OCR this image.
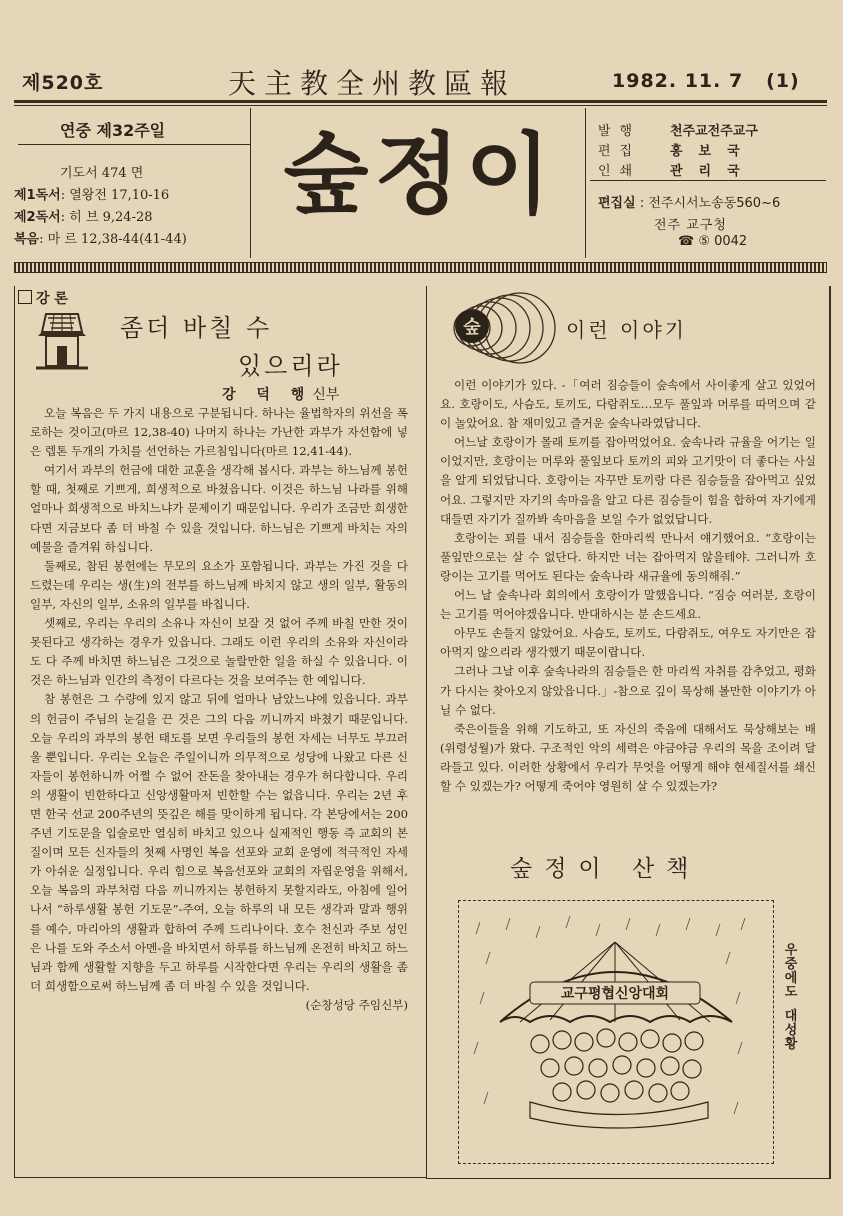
제520호	天主教全州教區報	1982. 11. 7 (1)
연중 제32주일
기도서 474 면
제1독서: 열왕전 17,10-16
제2독서: 히 브 9,24-28
복음: 마 르 12,38-44(41-44)
숲정이	발행 천주교전주교구
편집 홍보국
인쇄 관리국
편집실 : 전주시서노송동560~6
전주 교구청
☎ ⑤ 0042
강 론
좀더 바칠 수
있으리라
강 덕 행신부

오늘 복음은 두 가지 내용으로 구분됩니다. 하나는 율법학자의 위선을 폭로하는 것이고(마르 12,38-40) 나머지 하나는 가난한 과부가 자선함에 넣은 렙톤 두개의 가치를 선언하는 가르침입니다(마르 12,41-44).

여기서 과부의 헌금에 대한 교훈을 생각해 봅시다. 과부는 하느님께 봉헌할 때, 첫째로 기쁘게, 희생적으로 바쳤읍니다. 이것은 하느님 나라를 위해 얼마나 희생적으로 바치느냐가 문제이기 때문입니다. 우리가 조금만 희생한다면 지금보다 좀 더 바칠 수 있을 것입니다. 하느님은 기쁘게 바치는 자의 예물을 즐겨워 하십니다.

둘째로, 참된 봉헌에는 무모의 요소가 포함됩니다. 과부는 가진 것을 다 드렸는데 우리는 생(生)의 전부를 하느님께 바치지 않고 생의 일부, 활동의 일부, 자신의 일부, 소유의 일부를 바칩니다.

셋째로, 우리는 우리의 소유나 자신이 보잘 것 없어 주께 바칠 만한 것이 못된다고 생각하는 경우가 있읍니다. 그래도 이런 우리의 소유와 자신이라도 다 주께 바치면 하느님은 그것으로 놀랄만한 일을 하실 수 있읍니다. 이것은 하느님과 인간의 측정이 다르다는 것을 보여주는 한 예입니다.

참 봉헌은 그 수량에 있지 않고 뒤에 얼마나 남았느냐에 있읍니다. 과부의 헌금이 주님의 눈길을 끈 것은 그의 다음 끼니까지 바쳤기 때문입니다. 오늘 우리의 과부의 봉헌 태도를 보면 우리들의 봉헌 자세는 너무도 부끄러울 뿐입니다. 우리는 오늘은 주일이니까 의무적으로 성당에 나왔고 다른 신자들이 봉헌하니까 어쩔 수 없어 잔돈을 찾아내는 경우가 허다합니다. 우리의 생활이 빈한하다고 신앙생활마저 빈한할 수는 없읍니다. 우리는 2년 후면 한국 선교 200주년의 뜻깊은 해를 맞이하게 됩니다. 각 본당에서는 200주년 기도문을 입술로만 열심히 바치고 있으나 실제적인 행동 즉 교회의 본질이며 모든 신자들의 첫째 사명인 복음 선포와 교회 운영에 적극적인 자세가 아쉬운 실정입니다. 우리 힘으로 복음선포와 교회의 자립운영을 위해서, 오늘 복음의 과부처럼 다음 끼니까지는 봉헌하지 못할지라도, 아침에 일어나서 “하루생활 봉헌 기도문”-주여, 오늘 하루의 내 모든 생각과 말과 행위를 예수, 마리아의 생활과 합하여 주께 드리나이다. 호수 천신과 주보 성인은 나를 도와 주소서 아멘-을 바치면서 하루를 하느님께 온전히 바치고 하느님과 함께 생활할 지향을 두고 하루를 시작한다면 우리는 우리의 생활을 좀 더 희생함으로써 하느님께 좀 더 바칠 수 있을 것입니다.

(순창성당 주임신부)
숲	이런 이야기

이런 이야기가 있다. -「여러 짐승들이 숲속에서 사이좋게 살고 있었어요. 호랑이도, 사슴도, 토끼도, 다람쥐도…모두 풀잎과 머루를 따먹으며 같이 놀았어요. 참 재미있고 즐거운 숲속나라였답니다.

어느날 호랑이가 몰래 토끼를 잡아먹었어요. 숲속나라 규율을 어기는 일이었지만, 호랑이는 머루와 풀잎보다 토끼의 피와 고기맛이 더 좋다는 사실을 알게 되었답니다. 호랑이는 자꾸만 토끼랑 다른 짐승들을 잡아먹고 싶었어요. 그렇지만 자기의 속마음을 알고 다른 짐승들이 힘을 합하여 자기에게 대들면 자기가 질까봐 속마음을 보일 수가 없었답니다.

호랑이는 꾀를 내서 짐승들을 한마리씩 만나서 얘기했어요. “호랑이는 풀잎만으로는 살 수 없단다. 하지만 너는 잡아먹지 않을테야. 그러니까 호랑이는 고기를 먹어도 된다는 숲속나라 새규율에 동의해줘.”

어느 날 숲속나라 회의에서 호랑이가 말했읍니다. “짐승 여러분, 호랑이는 고기를 먹어야겠읍니다. 반대하시는 분 손드세요.

아무도 손들지 않았어요. 사슴도, 토끼도, 다람쥐도, 여우도 자기만은 잡아먹지 않으리라 생각했기 때문이랍니다.

그러나 그날 이후 숲속나라의 짐승들은 한 마리씩 자취를 감추었고, 평화가 다시는 찾아오지 않았읍니다.」-참으로 깊이 묵상해 볼만한 이야기가 아닐 수 없다.

죽은이들을 위해 기도하고, 또 자신의 죽음에 대해서도 묵상해보는 배(위령성월)가 왔다. 구조적인 악의 세력은 야금야금 우리의 목을 조이려 달라들고 있다. 이러한 상황에서 우리가 무엇을 어떻게 해야 현세질서를 쇄신할 수 있겠는가? 어떻게 죽어야 영원히 살 수 있겠는가?

숲정이 산책
교구평협신앙대회
우
중
에
도
대
성
황
